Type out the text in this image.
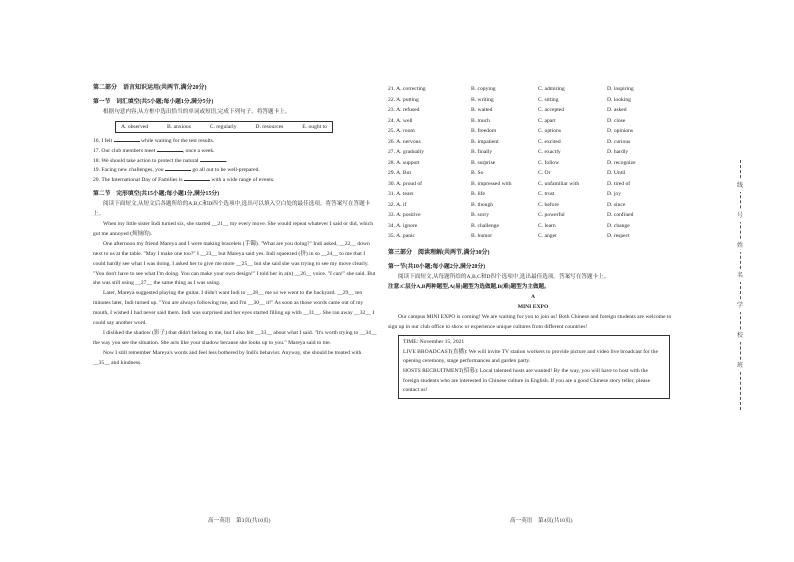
第二部分　语言知识运用(共两节,满分20分)
第一节　词汇填空(共5小题;每小题1分,满分5分)

根据句意内容,从方框中选出恰当的单词或短语,完成下列句子。将答题卡上。

A. observed	B. anxious	C. regularly	D. resources	E. ought to

16. I felt	while waiting for the test results.

17. Our club members meet	, once a week.

18. We should take action to protect the natural	.

19. Facing new challenges, you	go all out to be well-prepared.

20. The International Day of Families is	with a wide range of events.

第二节　完形填空(共15小题;每小题1分,满分15分)

阅读下面短文,从短文后各题所给的A,B,C和D四个选项中,选出可以填入空白处的最佳选项。将答案写在答题卡上。

When my little sister Indi turned six, she started __21__ my every move. She would repeat whatever I said or did, which got me annoyed (烦恼的).

One afternoon my friend Mareya and I were making bracelets (手镯). "What are you doing?" Indi asked, __22__ down next to us at the table. "May I make one too?" I __23__ but Mareya said yes. Indi squeezed (挤) in so __24__ to me that I could hardly see what I was doing. I asked her to give me more __25__ but she said she was trying to see my move clearly. "You don't have to see what I'm doing. You can make your own design!" I told her in a(n) __26__ voice. "I can!" she said. But she was still using __27__ the same thing as I was using.

Later, Mareya suggested playing the guitar. I didn't want Indi to __28__ me so we went to the backyard. __29__ ten minutes later, Indi turned up. "You are always following me, and I'm __30__ it!" As soon as those words came out of my mouth, I wished I had never said them. Indi was surprised and her eyes started filling up with __31__. She ran away __32__ I could say another word.

I disliked the shadow (影子) that didn't belong to me, but I also felt __33__ about what I said. "It's worth trying to __34__ the way you see the situation. She acts like your shadow because she looks up to you." Mareya said to me.

Now I still remember Mareya's words and feel less bothered by Indi's behavior. Anyway, she should be treated with __35__ and kindness.

高一英语　第3页(共10页)
21. A. correcting	B. copying	C. admiring	D. inspiring
22. A. putting	B. writing	C. sitting	D. looking
23. A. refused	B. waited	C. accepted	D. asked
24. A. well	B. much	C. apart	D. close
25. A. room	B. freedom	C. options	D. opinions
26. A. nervous	B. impatient	C. excited	D. curious
27. A. gradually	B. finally	C. exactly	D. hardly
28. A. support	B. surprise	C. follow	D. recognize
29. A. But	B. So	C. Or	D. Until
30. A. proud of	B. impressed with	C. unfamiliar with	D. tired of
31. A. tears	B. life	C. trust	D. joy
32. A. if	B. though	C. before	D. since
33. A. positive	B. sorry	C. powerful	D. confined
34. A. ignore	B. challenge	C. learn	D. change
35. A. panic	B. humor	C. anger	D. respect
第三部分　阅读理解(共两节,满分30分)
第一节(共10小题;每小题2分,满分20分)

阅读下面短文,从每题所给的A,B,C和D四个选项中,选出最佳选项。答案写在答题卡上。

注意:C层分A,B两种题型,A(易)题型为选做题,B(难)题型为主做题。

A
MINI EXPO

Our campus MINI EXPO is coming! We are waiting for you to join us! Both Chinese and foreign students are welcome to sign up in our club office to show or experience unique cultures from different countries!

TIME: November 15, 2021
LIVE BROADCAST(直播): We will invite TV station workers to provide picture and video live broadcast for the opening ceremony, stage performances and garden party.
HOSTS RECRUITMENT(招募): Local talented hosts are wanted! By the way, you will have to host with the foreign students who are interested in Chinese culture in English. If you are a good Chinese story teller, please contact us!
高一英语　第4页(共10页)
线
号
姓
名
学
校
班
